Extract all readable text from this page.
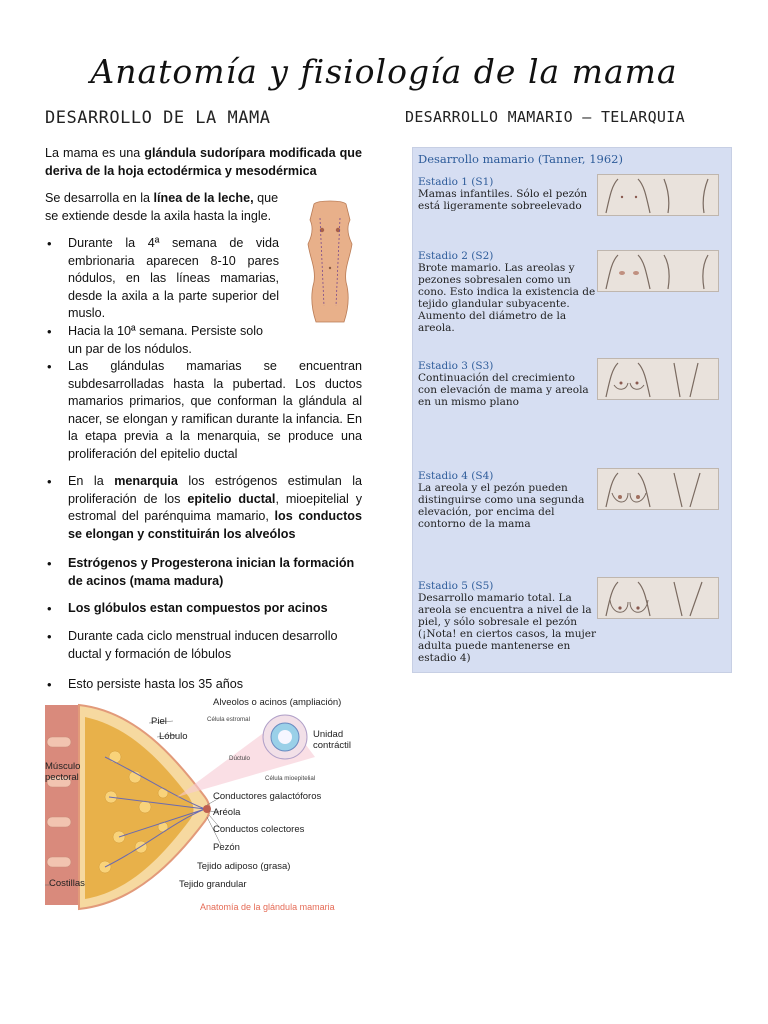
Anatomía y fisiología de la mama
DESARROLLO DE LA MAMA	DESARROLLO MAMARIO – TELARQUIA
La mama es una glándula sudorípara modificada que deriva de la hoja ectodérmica y mesodérmica
Se desarrolla en la línea de la leche, que se extiende desde la axila hasta la ingle.
• Durante la 4ª semana de vida embrionaria aparecen 8-10 pares nódulos, en las líneas mamarias, desde la axila a la parte superior del muslo.
• Hacia la 10ª semana. Persiste solo un par de los nódulos.
• Las glándulas mamarias se encuentran subdesarrolladas hasta la pubertad. Los ductos mamarios primarios, que conforman la glándula al nacer, se elongan y ramifican durante la infancia. En la etapa previa a la menarquia, se produce una proliferación del epitelio ductal
• En la menarquia los estrógenos estimulan la proliferación de los epitelio ductal, mioepitelial y estromal del parénquima mamario, los conductos se elongan y constituirán los alveólos
• Estrógenos y Progesterona inician la formación de acinos (mama madura)
• Los glóbulos estan compuestos por acinos
• Durante cada ciclo menstrual inducen desarrollo ductal y formación de lóbulos
• Esto persiste hasta los 35 años
Desarrollo mamario (Tanner, 1962)
Estadio 1 (S1)
Mamas infantiles. Sólo el pezón está ligeramente sobreelevado
Estadio 2 (S2)
Brote mamario. Las areolas y pezones sobresalen como un cono. Esto indica la existencia de tejido glandular subyacente. Aumento del diámetro de la areola.
Estadio 3 (S3)
Continuación del crecimiento con elevación de mama y areola en un mismo plano
Estadio 4 (S4)
La areola y el pezón pueden distinguirse como una segunda elevación, por encima del contorno de la mama
Estadio 5 (S5)
Desarrollo mamario total. La areola se encuentra a nivel de la piel, y sólo sobresale el pezón (¡Nota! en ciertos casos, la mujer adulta puede mantenerse en estadio 4)
Alveolos o acinos (ampliación)
Piel
Lóbulo
Célula estromal
Unidad
contráctil
Dúctulo
Célula mioepitelial
Músculo
pectoral
Conductores galactóforos
Aréola
Conductos colectores
Pezón
Tejido adiposo (grasa)
Costillas	Tejido grandular
Anatomía de la glándula mamaria
